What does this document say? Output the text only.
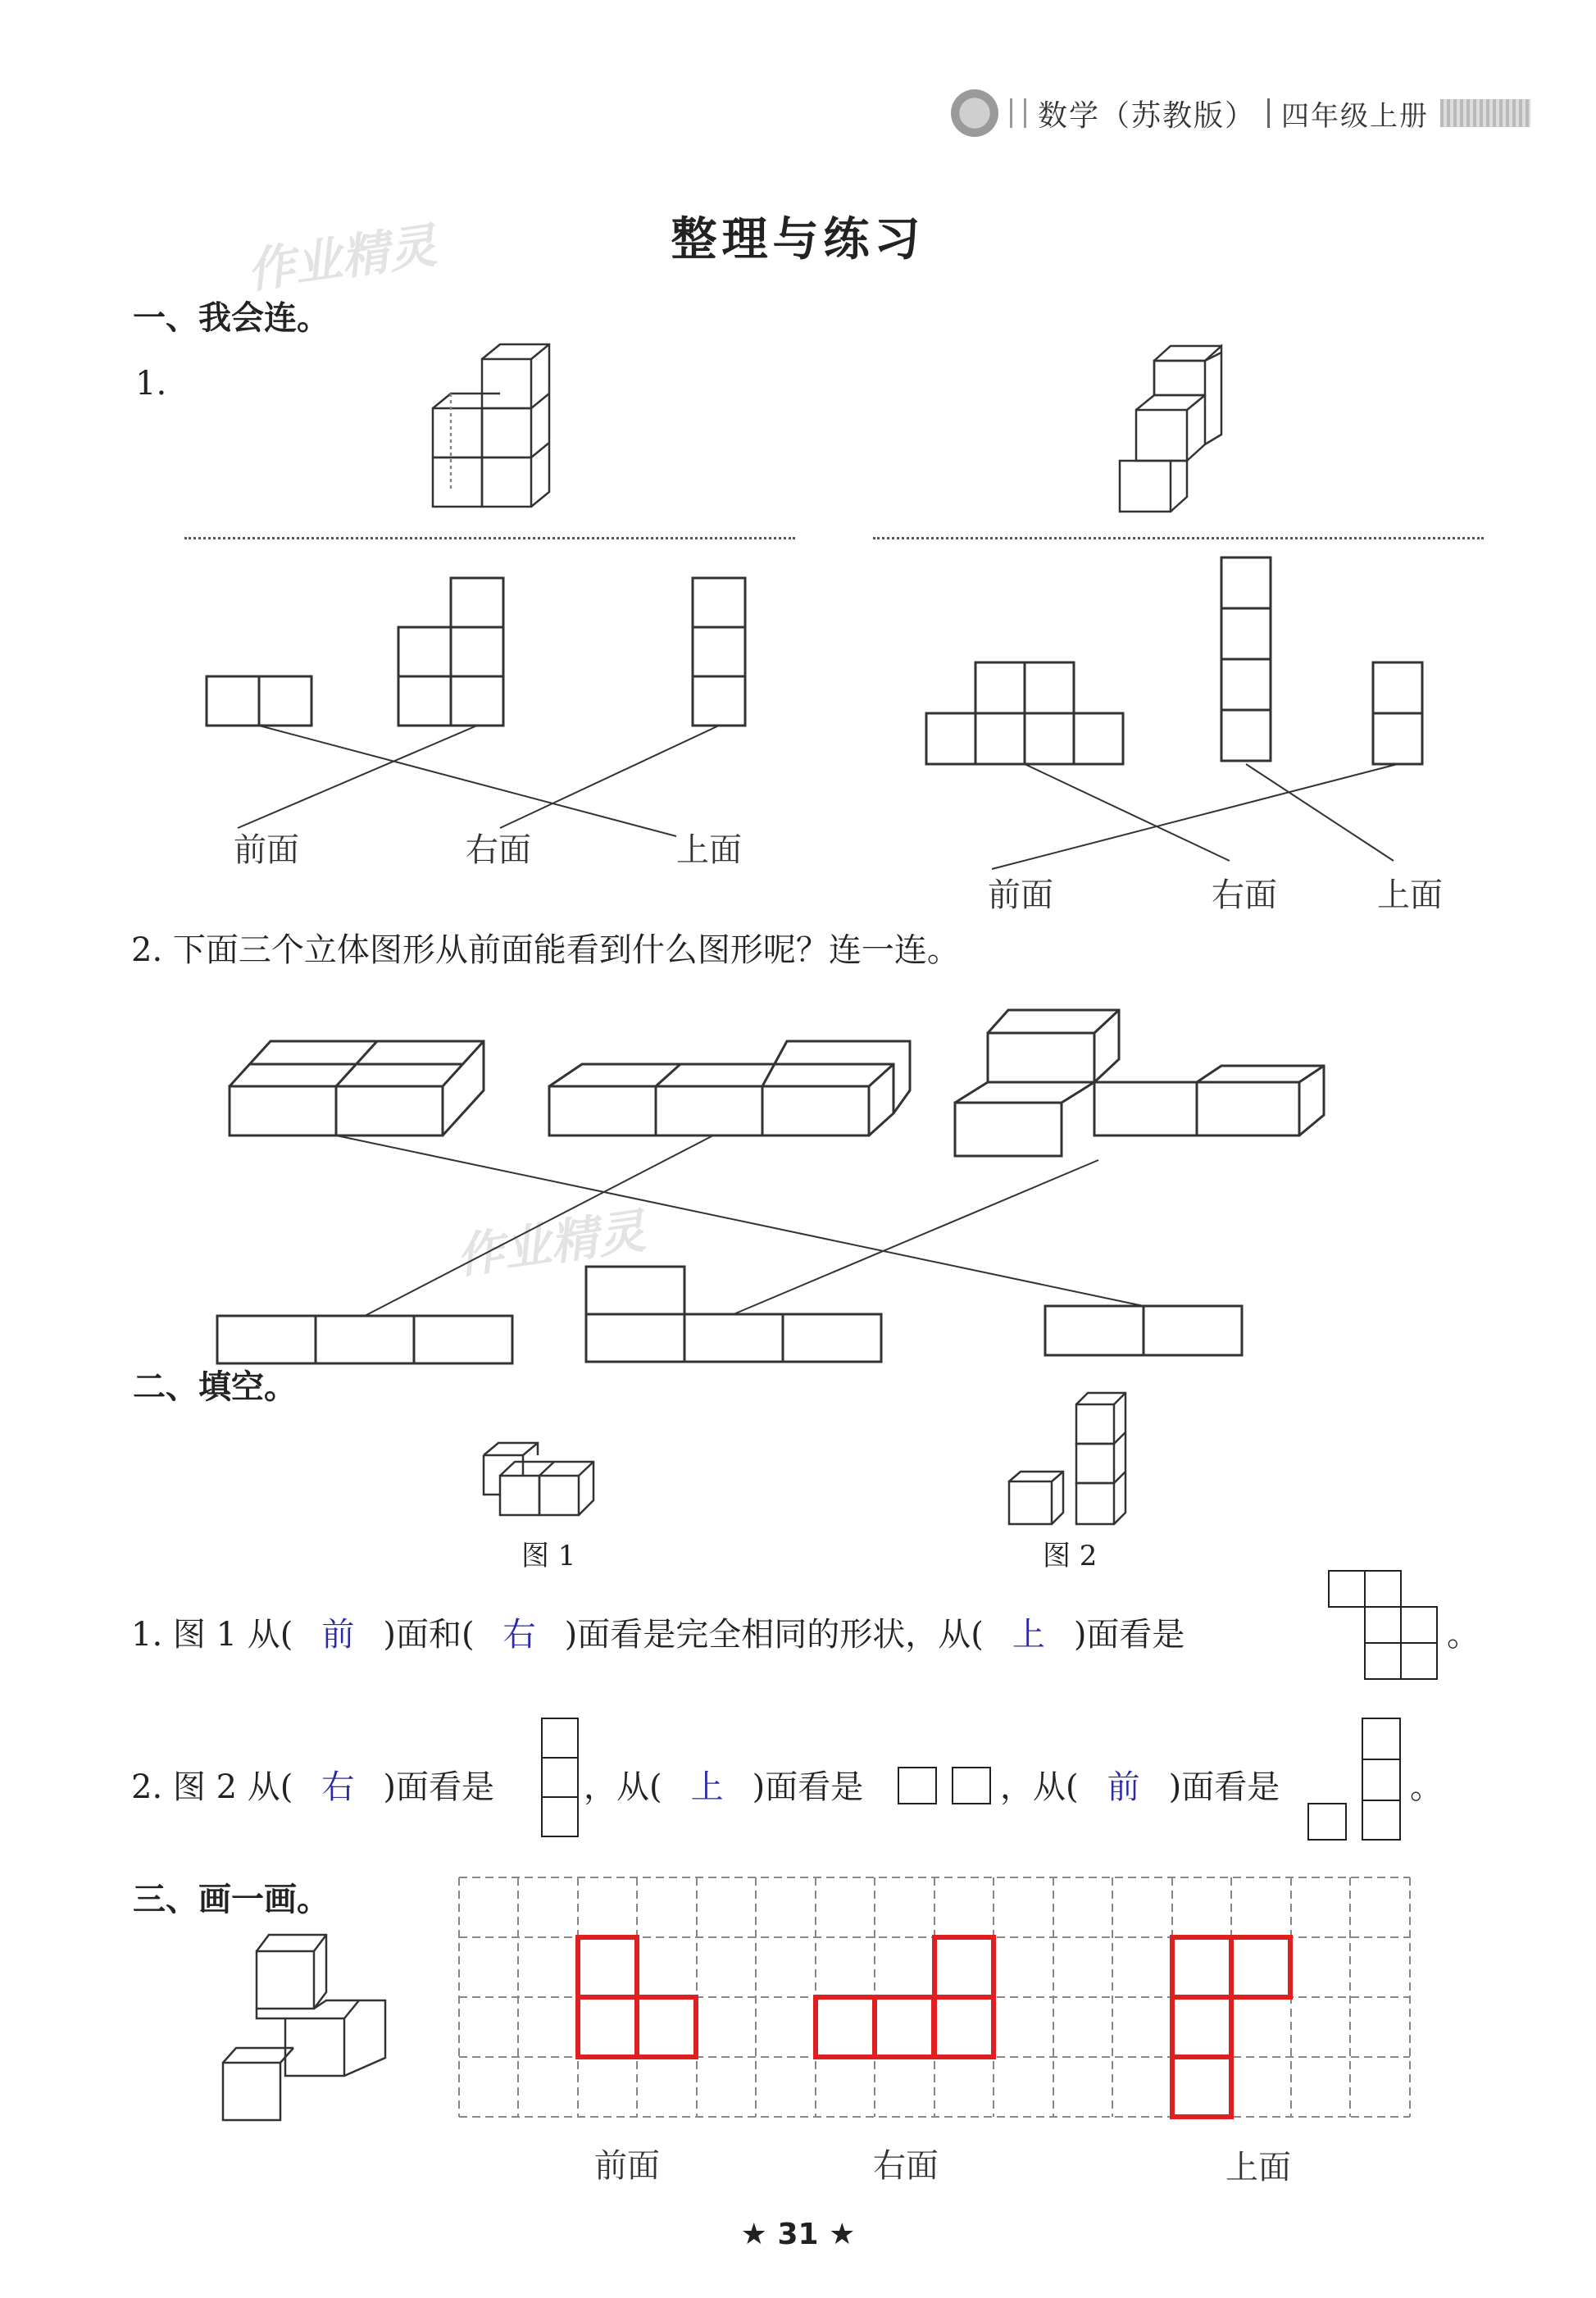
数学（苏教版） 四年级上册
作业精灵
作业精灵
整理与练习
一、我会连。
1.
前面	右面	上面
前面	右面	上面
2. 下面三个立体图形从前面能看到什么图形呢？连一连。
二、填空。
图 1	图 2
1. 图 1 从( 前 )面和( 右 )面看是完全相同的形状，从( 上 )面看是	。
2. 图 2 从( 右 )面看是	，从( 上 )面看是	，从( 前 )面看是	。
三、画一画。
前面	右面	上面
★ 31 ★
